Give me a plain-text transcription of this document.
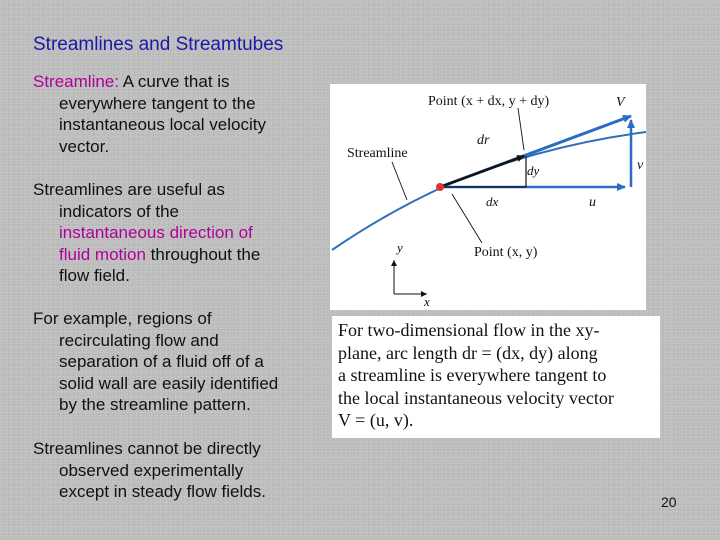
Streamlines and Streamtubes
Streamline: A curve that is
everywhere tangent to the
instantaneous local velocity
vector.
Streamlines are useful as
indicators of the
instantaneous direction of
fluid motion throughout the
flow field.
For example, regions of
recirculating flow and
separation of a fluid off of a
solid wall are easily identified
by the streamline pattern.
Streamlines cannot be directly
observed experimentally
except in steady flow fields.
Point (x + dx, y + dy)	V
Streamline
dr
dy	v
dx	u
Point (x, y)
y
x
For two-dimensional flow in the xy-
plane, arc length dr = (dx, dy) along
a streamline is everywhere tangent to
the local instantaneous velocity vector
V = (u, v).
20
